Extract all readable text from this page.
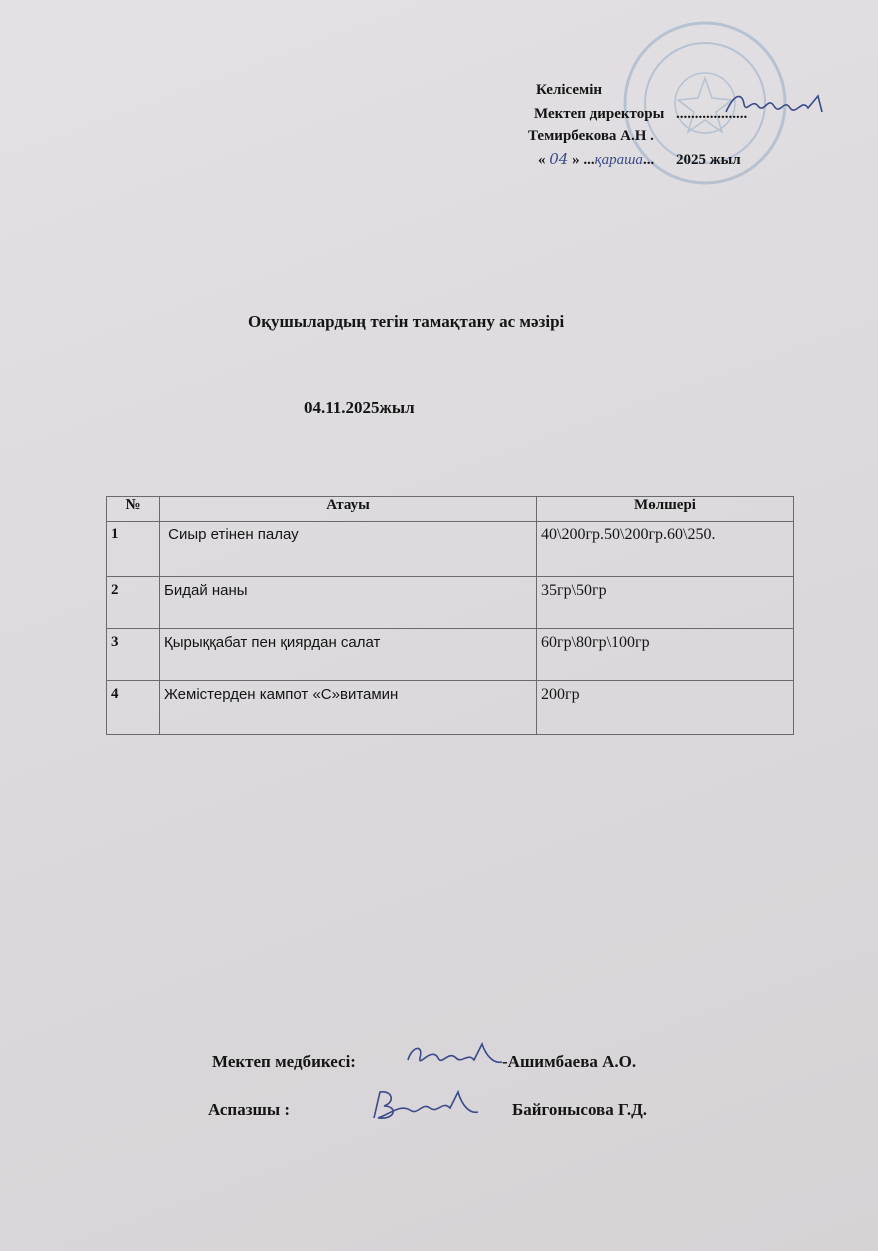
Келісемін
Мектеп директоры ...................
Темирбекова А.Н .
« 04 » ...қараша... 2025 жыл
Оқушылардың тегін тамақтану ас мәзірі
04.11.2025жыл
№	Атауы	Мөлшері
1	Сиыр етінен палау	40\200гр.50\200гр.60\250.
2	Бидай наны	35гр\50гр
3	Қырыққабат пен қиярдан салат	60гр\80гр\100гр
4	Жемістерден кампот «С»витамин	200гр
Мектеп медбикесі:	-Ашимбаева А.О.
Аспазшы :	Байгонысова Г.Д.
